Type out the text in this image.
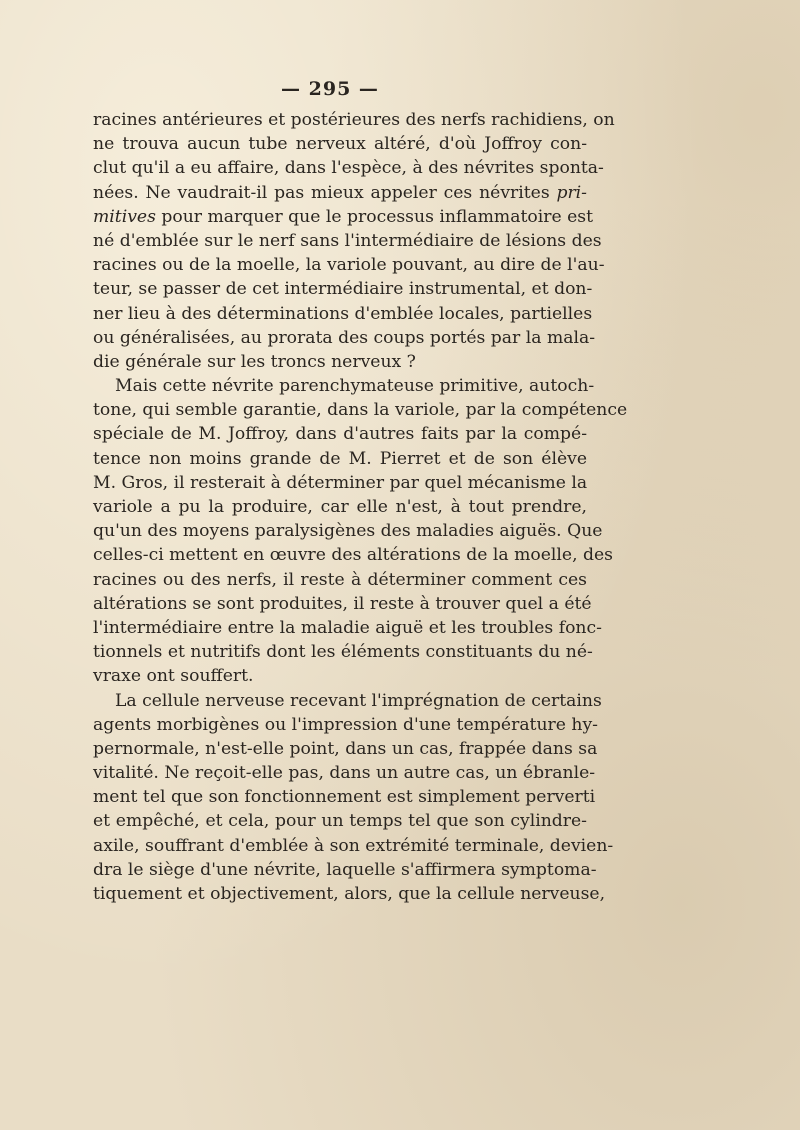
— 295 —
racines antérieures et postérieures des nerfs rachidiens, on
ne trouva aucun tube nerveux altéré, d'où Joffroy con-
clut qu'il a eu affaire, dans l'espèce, à des névrites sponta-
nées. Ne vaudrait-il pas mieux appeler ces névrites pri-
mitives pour marquer que le processus inflammatoire est
né d'emblée sur le nerf sans l'intermédiaire de lésions des
racines ou de la moelle, la variole pouvant, au dire de l'au-
teur, se passer de cet intermédiaire instrumental, et don-
ner lieu à des déterminations d'emblée locales, partielles
ou généralisées, au prorata des coups portés par la mala-
die générale sur les troncs nerveux ?
Mais cette névrite parenchymateuse primitive, autoch-
tone, qui semble garantie, dans la variole, par la compétence
spéciale de M. Joffroy, dans d'autres faits par la compé-
tence non moins grande de M. Pierret et de son élève
M. Gros, il resterait à déterminer par quel mécanisme la
variole a pu la produire, car elle n'est, à tout prendre,
qu'un des moyens paralysigènes des maladies aiguës. Que
celles-ci mettent en œuvre des altérations de la moelle, des
racines ou des nerfs, il reste à déterminer comment ces
altérations se sont produites, il reste à trouver quel a été
l'intermédiaire entre la maladie aiguë et les troubles fonc-
tionnels et nutritifs dont les éléments constituants du né-
vraxe ont souffert.
La cellule nerveuse recevant l'imprégnation de certains
agents morbigènes ou l'impression d'une température hy-
pernormale, n'est-elle point, dans un cas, frappée dans sa
vitalité. Ne reçoit-elle pas, dans un autre cas, un ébranle-
ment tel que son fonctionnement est simplement perverti
et empêché, et cela, pour un temps tel que son cylindre-
axile, souffrant d'emblée à son extrémité terminale, devien-
dra le siège d'une névrite, laquelle s'affirmera symptoma-
tiquement et objectivement, alors, que la cellule nerveuse,
